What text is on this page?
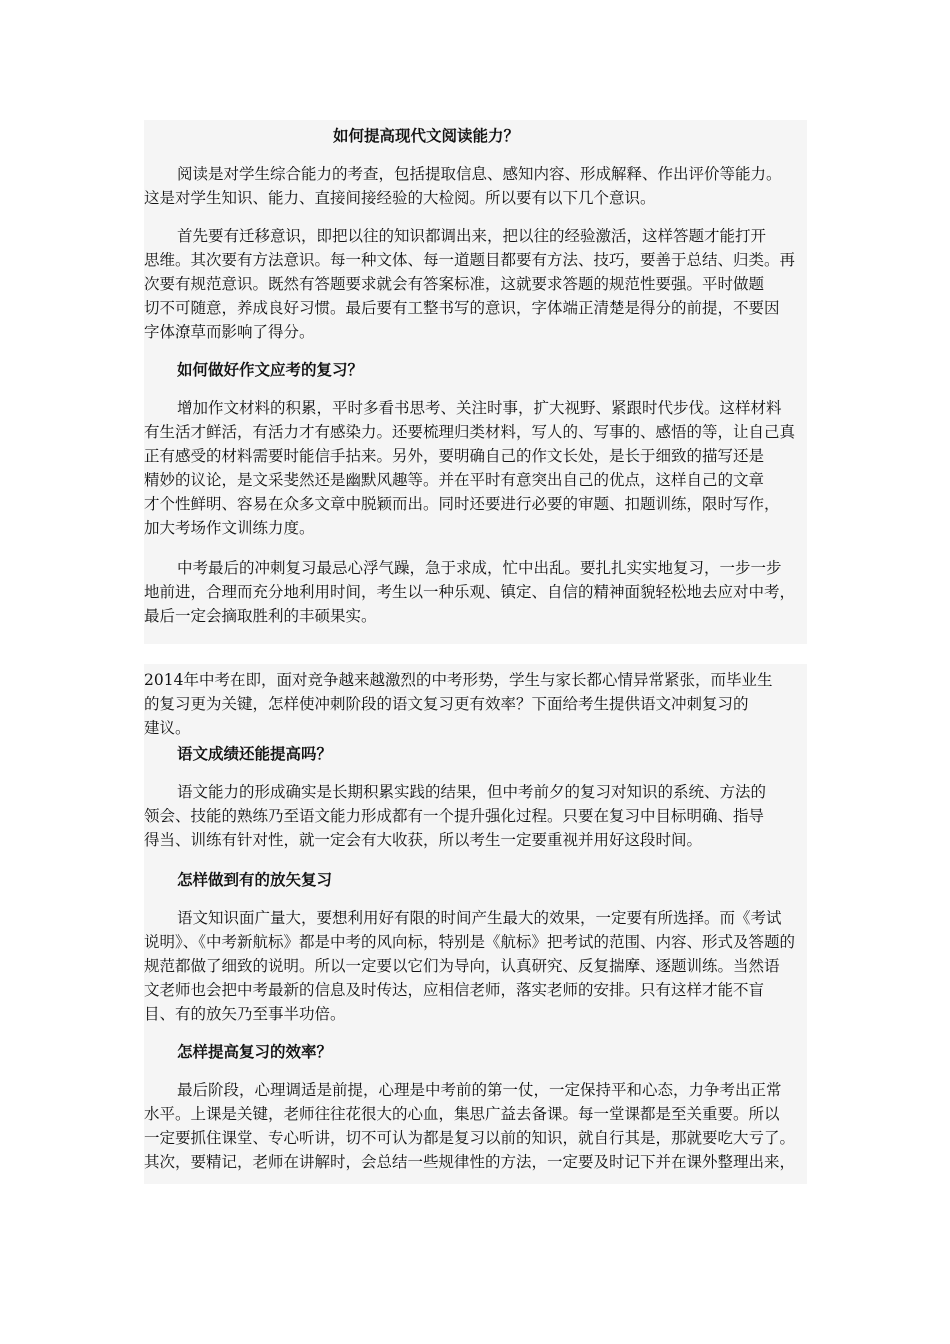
如何提高现代文阅读能力？
阅读是对学生综合能力的考查，包括提取信息、感知内容、形成解释、作出评价等能力。
这是对学生知识、能力、直接间接经验的大检阅。所以要有以下几个意识。
首先要有迁移意识，即把以往的知识都调出来，把以往的经验激活，这样答题才能打开
思维。其次要有方法意识。每一种文体、每一道题目都要有方法、技巧，要善于总结、归类。再
次要有规范意识。既然有答题要求就会有答案标准，这就要求答题的规范性要强。平时做题
切不可随意，养成良好习惯。最后要有工整书写的意识，字体端正清楚是得分的前提，不要因
字体潦草而影响了得分。
如何做好作文应考的复习？
增加作文材料的积累，平时多看书思考、关注时事，扩大视野、紧跟时代步伐。这样材料
有生活才鲜活，有活力才有感染力。还要梳理归类材料，写人的、写事的、感悟的等，让自己真
正有感受的材料需要时能信手拈来。另外，要明确自己的作文长处，是长于细致的描写还是
精妙的议论，是文采斐然还是幽默风趣等。并在平时有意突出自己的优点，这样自己的文章
才个性鲜明、容易在众多文章中脱颖而出。同时还要进行必要的审题、扣题训练，限时写作，
加大考场作文训练力度。
中考最后的冲刺复习最忌心浮气躁，急于求成，忙中出乱。要扎扎实实地复习，一步一步
地前进，合理而充分地利用时间，考生以一种乐观、镇定、自信的精神面貌轻松地去应对中考，
最后一定会摘取胜利的丰硕果实。
2014年中考在即，面对竞争越来越激烈的中考形势，学生与家长都心情异常紧张，而毕业生
的复习更为关键，怎样使冲刺阶段的语文复习更有效率？下面给考生提供语文冲刺复习的
建议。
语文成绩还能提高吗？
语文能力的形成确实是长期积累实践的结果，但中考前夕的复习对知识的系统、方法的
领会、技能的熟练乃至语文能力形成都有一个提升强化过程。只要在复习中目标明确、指导
得当、训练有针对性，就一定会有大收获，所以考生一定要重视并用好这段时间。
怎样做到有的放矢复习
语文知识面广量大，要想利用好有限的时间产生最大的效果，一定要有所选择。而《考试
说明》、《中考新航标》都是中考的风向标，特别是《航标》把考试的范围、内容、形式及答题的
规范都做了细致的说明。所以一定要以它们为导向，认真研究、反复揣摩、逐题训练。当然语
文老师也会把中考最新的信息及时传达，应相信老师，落实老师的安排。只有这样才能不盲
目、有的放矢乃至事半功倍。
怎样提高复习的效率？
最后阶段，心理调适是前提，心理是中考前的第一仗，一定保持平和心态，力争考出正常
水平。上课是关键，老师往往花很大的心血，集思广益去备课。每一堂课都是至关重要。所以
一定要抓住课堂、专心听讲，切不可认为都是复习以前的知识，就自行其是，那就要吃大亏了。
其次，要精记，老师在讲解时，会总结一些规律性的方法，一定要及时记下并在课外整理出来，
